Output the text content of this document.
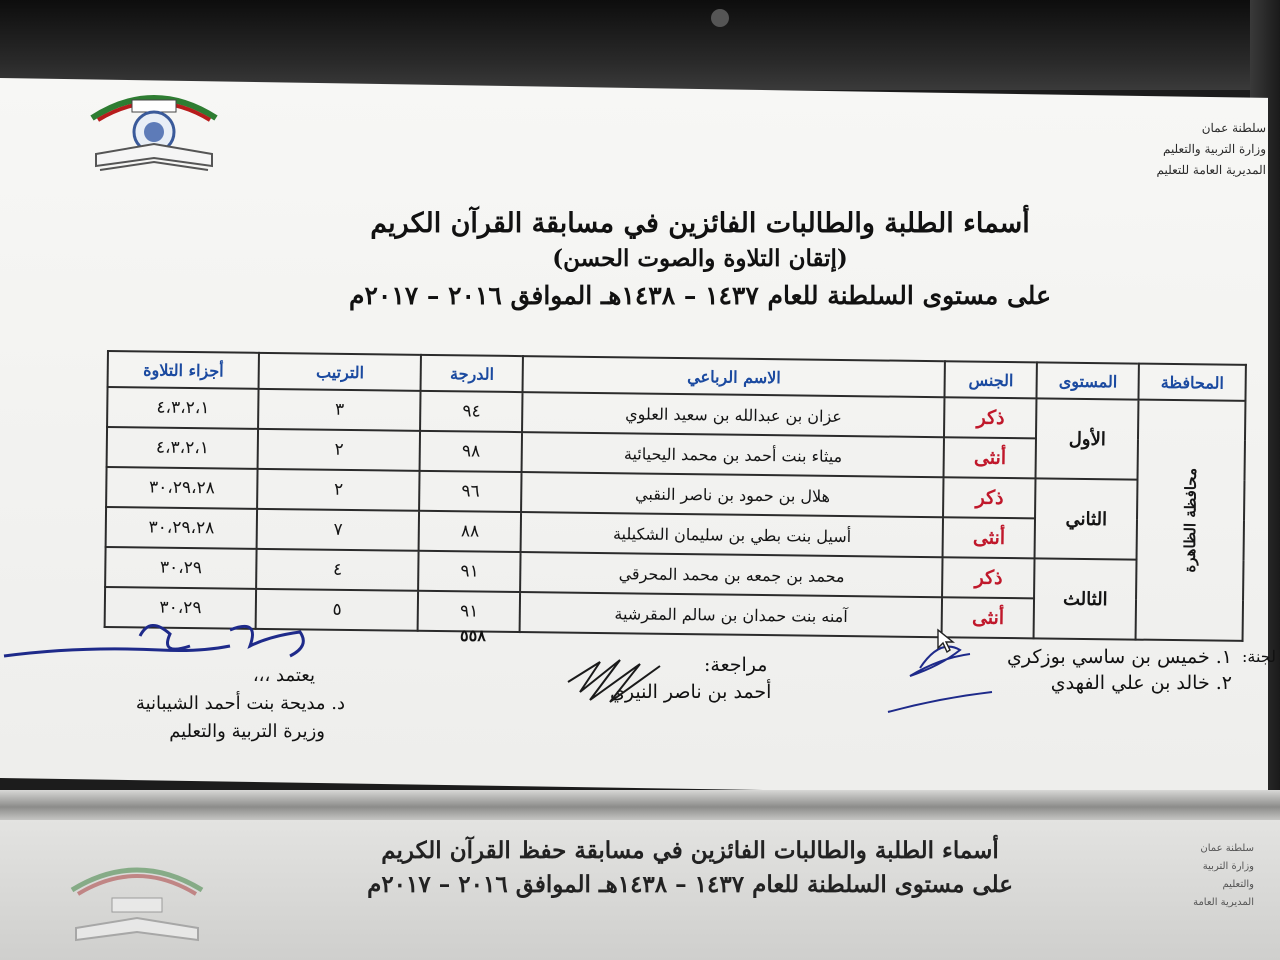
سلطنة عمان
وزارة التربية والتعليم
المديرية العامة للتعليم
أسماء الطلبة والطالبات الفائزين في مسابقة القرآن الكريم
(إتقان التلاوة والصوت الحسن)
على مستوى السلطنة للعام ١٤٣٧ – ١٤٣٨هـ الموافق ٢٠١٦ – ٢٠١٧م
المحافظة	المستوى	الجنس	الاسم الرباعي	الدرجة	الترتيب	أجزاء التلاوة
محافظة الظاهرة	الأول	ذكر	عزان بن عبدالله بن سعيد العلوي	٩٤	٣	٤،٣،٢،١
		أنثى	ميثاء بنت أحمد بن محمد اليحيائية	٩٨	٢	٤،٣،٢،١
	الثاني	ذكر	هلال بن حمود بن ناصر النقبي	٩٦	٢	٣٠،٢٩،٢٨
		أنثى	أسيل بنت بطي بن سليمان الشكيلية	٨٨	٧	٣٠،٢٩،٢٨
	الثالث	ذكر	محمد بن جمعه بن محمد المحرقي	٩١	٤	٣٠،٢٩
		أنثى	آمنه بنت حمدان بن سالم المقرشية	٩١	٥	٣٠،٢٩
٥٥٨
لجنة:
١. خميس بن ساسي بوزكري
٢. خالد بن علي الفهدي
مراجعة:
أحمد بن ناصر النيري
يعتمد ،،،
د. مديحة بنت أحمد الشيبانية
وزيرة التربية والتعليم
أسماء الطلبة والطالبات الفائزين في مسابقة حفظ القرآن الكريم
على مستوى السلطنة للعام ١٤٣٧ – ١٤٣٨هـ الموافق ٢٠١٦ – ٢٠١٧م
سلطنة عمان
وزارة التربية والتعليم
المديرية العامة
